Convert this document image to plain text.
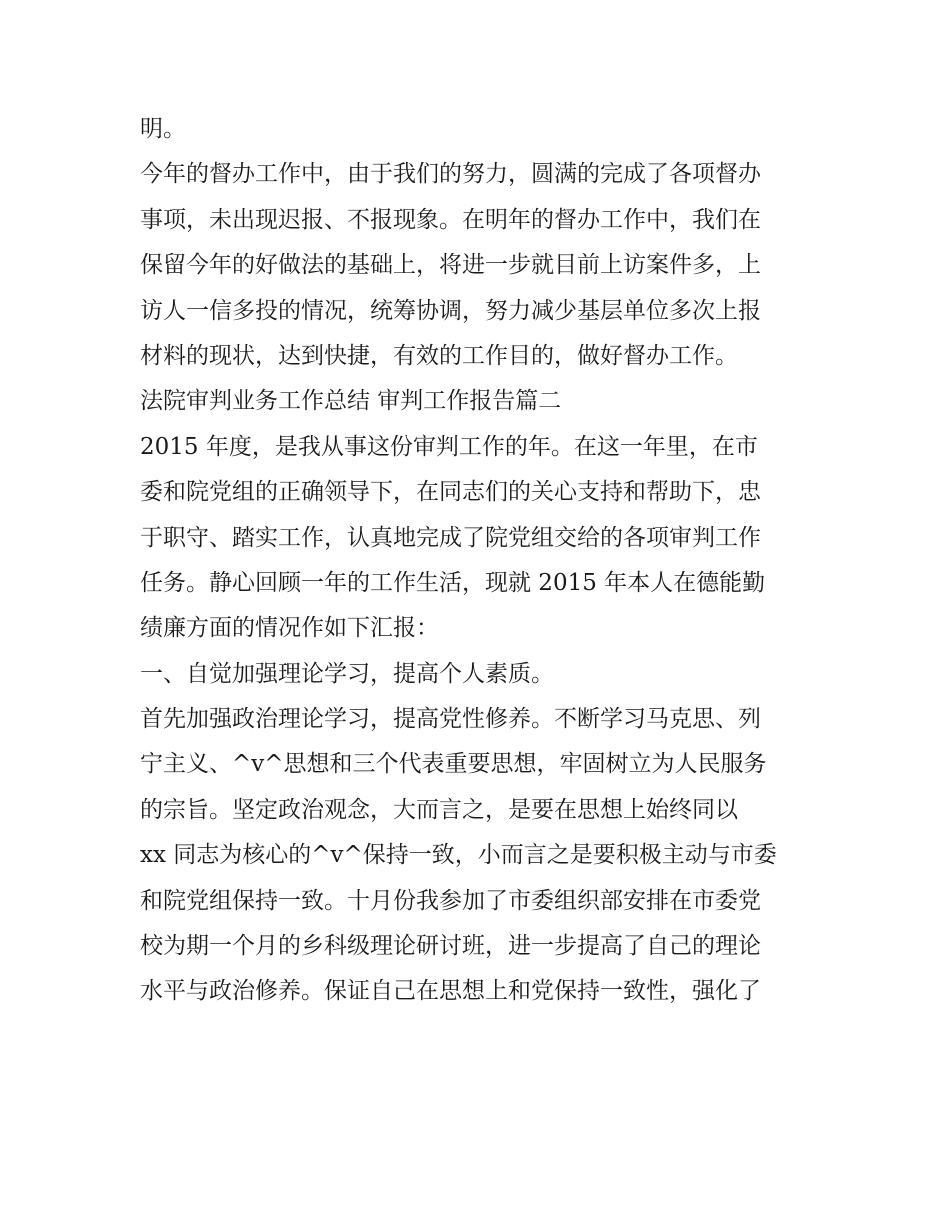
明。
今年的督办工作中，由于我们的努力，圆满的完成了各项督办
事项，未出现迟报、不报现象。在明年的督办工作中，我们在
保留今年的好做法的基础上，将进一步就目前上访案件多，上
访人一信多投的情况，统筹协调，努力减少基层单位多次上报
材料的现状，达到快捷，有效的工作目的，做好督办工作。
法院审判业务工作总结 审判工作报告篇二
2015 年度，是我从事这份审判工作的年。在这一年里，在市
委和院党组的正确领导下，在同志们的关心支持和帮助下，忠
于职守、踏实工作，认真地完成了院党组交给的各项审判工作
任务。静心回顾一年的工作生活，现就 2015 年本人在德能勤
绩廉方面的情况作如下汇报：
一、自觉加强理论学习，提高个人素质。
首先加强政治理论学习，提高党性修养。不断学习马克思、列
宁主义、^v^思想和三个代表重要思想，牢固树立为人民服务
的宗旨。坚定政治观念，大而言之，是要在思想上始终同以
xx 同志为核心的^v^保持一致，小而言之是要积极主动与市委
和院党组保持一致。十月份我参加了市委组织部安排在市委党
校为期一个月的乡科级理论研讨班，进一步提高了自己的理论
水平与政治修养。保证自己在思想上和党保持一致性，强化了
